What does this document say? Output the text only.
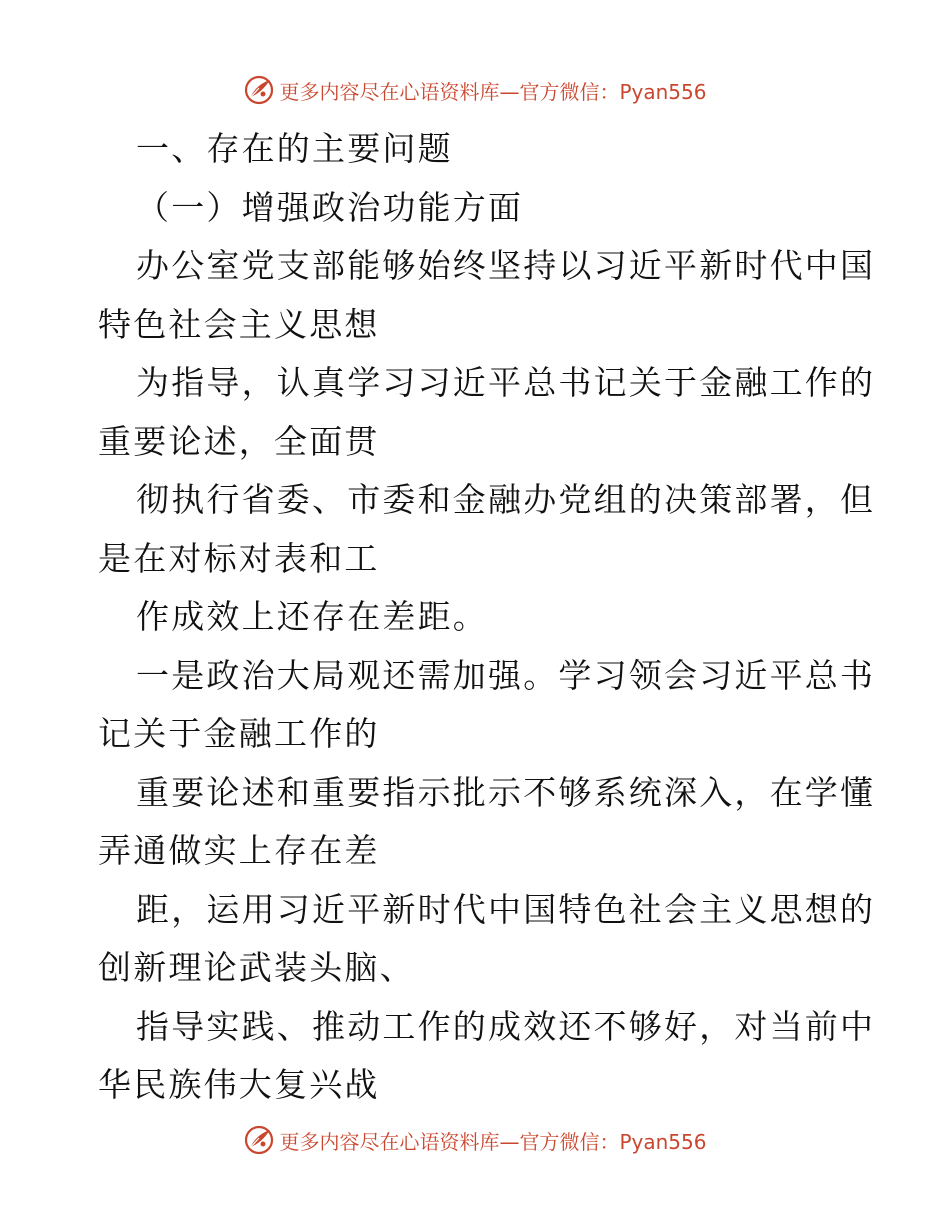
更多内容尽在心语资料库—官方微信：Pyan556
一、存在的主要问题
（一）增强政治功能方面
办公室党支部能够始终坚持以习近平新时代中国
特色社会主义思想
为指导，认真学习习近平总书记关于金融工作的
重要论述，全面贯
彻执行省委、市委和金融办党组的决策部署，但
是在对标对表和工
作成效上还存在差距。
一是政治大局观还需加强。学习领会习近平总书
记关于金融工作的
重要论述和重要指示批示不够系统深入，在学懂
弄通做实上存在差
距，运用习近平新时代中国特色社会主义思想的
创新理论武装头脑、
指导实践、推动工作的成效还不够好，对当前中
华民族伟大复兴战
更多内容尽在心语资料库—官方微信：Pyan556
